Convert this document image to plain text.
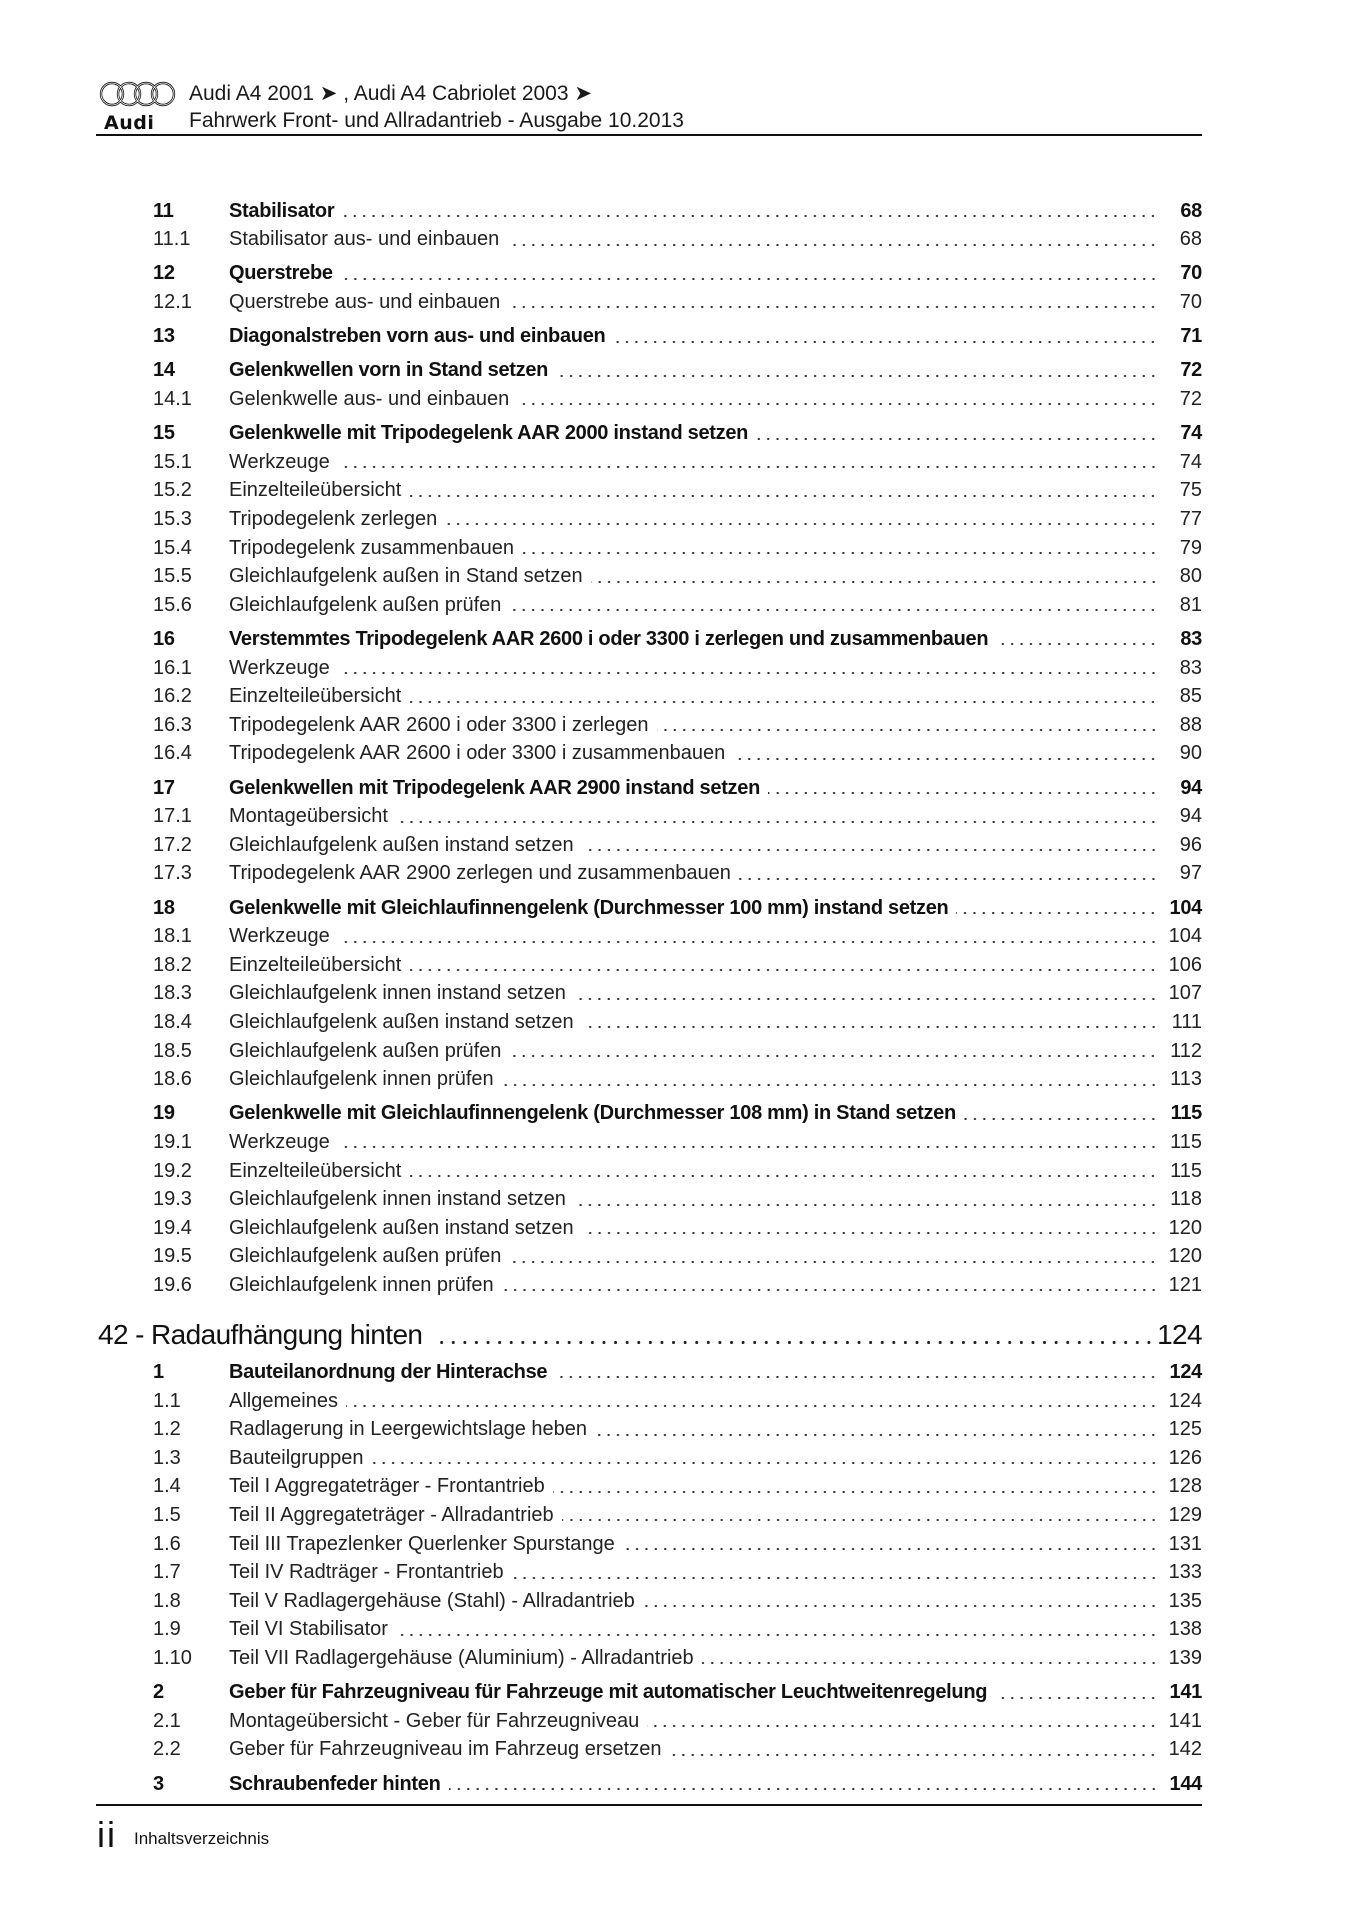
Audi
Audi A4 2001 ➤ , Audi A4 Cabriolet 2003 ➤
Fahrwerk Front- und Allradantrieb - Ausgabe 10.2013
11	Stabilisator	68
11.1	Stabilisator aus- und einbauen	68
12	Querstrebe	70
12.1	Querstrebe aus- und einbauen	70
13	Diagonalstreben vorn aus- und einbauen	71
14	Gelenkwellen vorn in Stand setzen	72
14.1	Gelenkwelle aus- und einbauen	72
15	Gelenkwelle mit Tripodegelenk AAR 2000 instand setzen	74
15.1	Werkzeuge	74
15.2	Einzelteileübersicht	75
15.3	Tripodegelenk zerlegen	77
15.4	Tripodegelenk zusammenbauen	79
15.5	Gleichlaufgelenk außen in Stand setzen	80
15.6	Gleichlaufgelenk außen prüfen	81
16	Verstemmtes Tripodegelenk AAR 2600 i oder 3300 i zerlegen und zusammenbauen	83
16.1	Werkzeuge	83
16.2	Einzelteileübersicht	85
16.3	Tripodegelenk AAR 2600 i oder 3300 i zerlegen	88
16.4	Tripodegelenk AAR 2600 i oder 3300 i zusammenbauen	90
17	Gelenkwellen mit Tripodegelenk AAR 2900 instand setzen	94
17.1	Montageübersicht	94
17.2	Gleichlaufgelenk außen instand setzen	96
17.3	Tripodegelenk AAR 2900 zerlegen und zusammenbauen	97
18	Gelenkwelle mit Gleichlaufinnengelenk (Durchmesser 100 mm) instand setzen	104
18.1	Werkzeuge	104
18.2	Einzelteileübersicht	106
18.3	Gleichlaufgelenk innen instand setzen	107
18.4	Gleichlaufgelenk außen instand setzen	111
18.5	Gleichlaufgelenk außen prüfen	112
18.6	Gleichlaufgelenk innen prüfen	113
19	Gelenkwelle mit Gleichlaufinnengelenk (Durchmesser 108 mm) in Stand setzen	115
19.1	Werkzeuge	115
19.2	Einzelteileübersicht	115
19.3	Gleichlaufgelenk innen instand setzen	118
19.4	Gleichlaufgelenk außen instand setzen	120
19.5	Gleichlaufgelenk außen prüfen	120
19.6	Gleichlaufgelenk innen prüfen	121
42 - Radaufhängung hinten	124
1	Bauteilanordnung der Hinterachse	124
1.1	Allgemeines	124
1.2	Radlagerung in Leergewichtslage heben	125
1.3	Bauteilgruppen	126
1.4	Teil I Aggregateträger - Frontantrieb	128
1.5	Teil II Aggregateträger - Allradantrieb	129
1.6	Teil III Trapezlenker Querlenker Spurstange	131
1.7	Teil IV Radträger - Frontantrieb	133
1.8	Teil V Radlagergehäuse (Stahl) - Allradantrieb	135
1.9	Teil VI Stabilisator	138
1.10	Teil VII Radlagergehäuse (Aluminium) - Allradantrieb	139
2	Geber für Fahrzeugniveau für Fahrzeuge mit automatischer Leuchtweitenregelung	141
2.1	Montageübersicht - Geber für Fahrzeugniveau	141
2.2	Geber für Fahrzeugniveau im Fahrzeug ersetzen	142
3	Schraubenfeder hinten	144
ii Inhaltsverzeichnis
